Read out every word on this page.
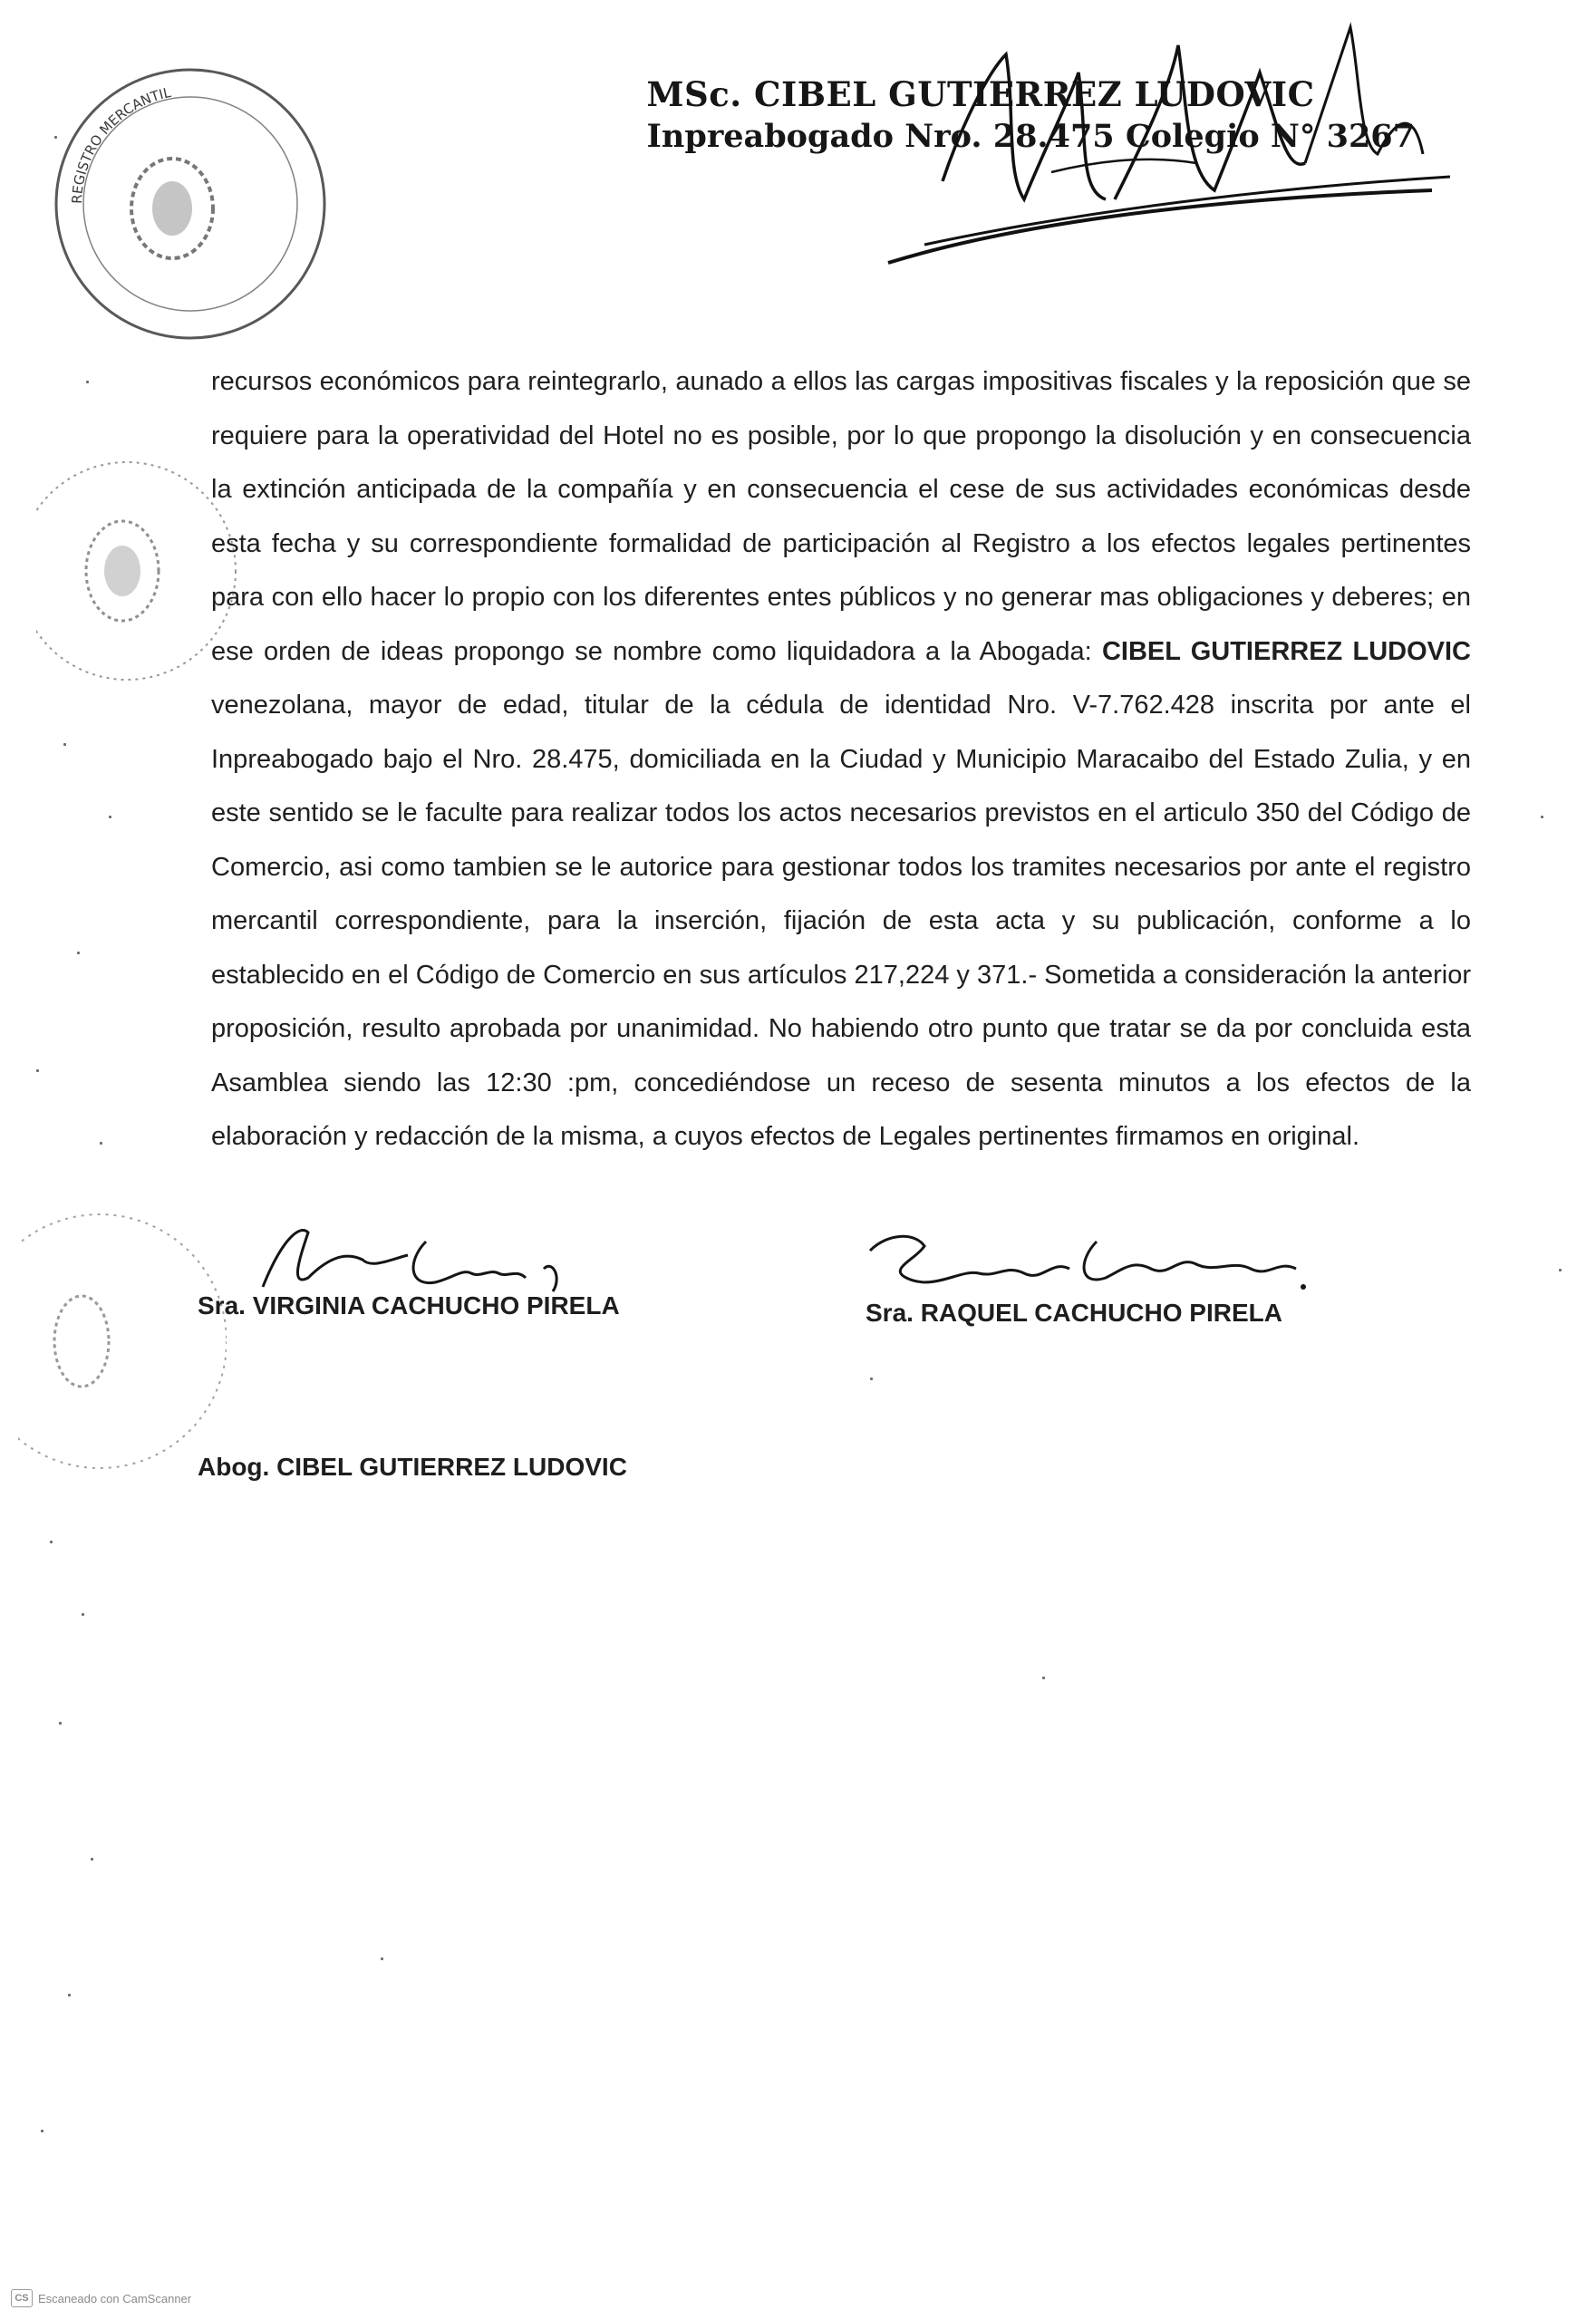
REGISTRO MERCANTIL	MSc. CIBEL GUTIERREZ LUDOVIC
Inpreabogado Nro. 28.475 Colegio N° 3267
recursos económicos para reintegrarlo, aunado a ellos las cargas impositivas fiscales y la reposición que se requiere para la operatividad del Hotel no es posible, por lo que propongo la disolución y en consecuencia la extinción anticipada de la compañía y en consecuencia el cese de sus actividades económicas desde esta fecha y su correspondiente formalidad de participación al Registro a los efectos legales pertinentes para con ello hacer lo propio con los diferentes entes públicos y no generar mas obligaciones y deberes; en ese orden de ideas propongo se nombre como liquidadora a la Abogada: CIBEL GUTIERREZ LUDOVIC venezolana, mayor de edad, titular de la cédula de identidad Nro. V-7.762.428 inscrita por ante el Inpreabogado bajo el Nro. 28.475, domiciliada en la Ciudad y Municipio Maracaibo del Estado Zulia, y en este sentido se le faculte para realizar todos los actos necesarios previstos en el articulo 350 del Código de Comercio, asi como tambien se le autorice para gestionar todos los tramites necesarios por ante el registro mercantil correspondiente, para la inserción, fijación de esta acta y su publicación, conforme a lo establecido en el Código de Comercio en sus artículos 217,224 y 371.- Sometida a consideración la anterior proposición, resulto aprobada por unanimidad. No habiendo otro punto que tratar se da por concluida esta Asamblea siendo las 12:30 :pm, concediéndose un receso de sesenta minutos a los efectos de la elaboración y redacción de la misma, a cuyos efectos de Legales pertinentes firmamos en original.
Sra. VIRGINIA CACHUCHO PIRELA	Sra. RAQUEL CACHUCHO PIRELA
Abog. CIBEL GUTIERREZ LUDOVIC
CS Escaneado con CamScanner
